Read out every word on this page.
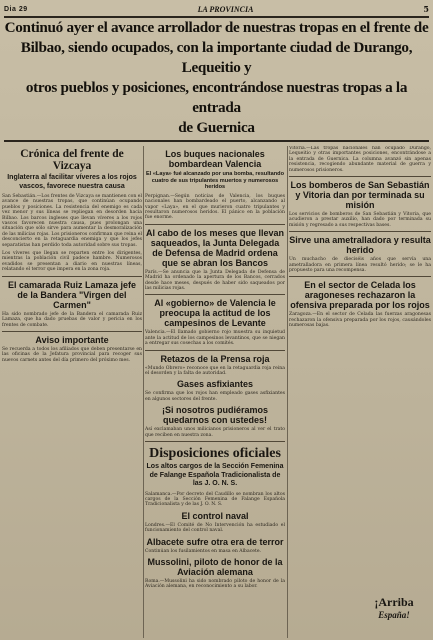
Dia 29	LA PROVINCIA	5
Continuó ayer el avance arrollador de nuestras tropas en el frente de
Bilbao, siendo ocupados, con la importante ciudad de Durango, Lequeitio y
otros pueblos y posiciones, encontrándose nuestras tropas a la entrada
de Guernica
Crónica del frente de Vizcaya
Inglaterra al facilitar víveres a los rojos vascos, favorece nuestra causa

San Sebastián.—Los frentes de Vizcaya se mantienen con el avance de nuestras tropas, que continúan ocupando pueblos y posiciones. La resistencia del enemigo es cada vez menor y sus líneas se repliegan en desorden hacia Bilbao. Los barcos ingleses que llevan víveres a los rojos vascos favorecen nuestra causa, pues prolongan una situación que sólo sirve para aumentar la desmoralización de las milicias rojas. Los prisioneros confirman que reina el desconcierto en la retaguardia enemiga y que los jefes separatistas han perdido toda autoridad sobre sus tropas.

Los víveres que llegan se reparten entre los dirigentes, mientras la población civil padece hambre. Numerosos evadidos se presentan a diario en nuestras líneas, relatando el terror que impera en la zona roja.

El camarada Ruiz Lamaza jefe de la Bandera "Virgen del Carmen"

Ha sido nombrado jefe de la Bandera el camarada Ruiz Lamaza, que ha dado pruebas de valor y pericia en los frentes de combate.

Aviso importante

Se recuerda a todos los afiliados que deben presentarse en las oficinas de la Jefatura provincial para recoger sus nuevos carnets antes del día primero del próximo mes.

Los buques nacionales bombardean Valencia
El «Laya» fué alcanzado por una bomba, resultando cuatro de sus tripulantes muertos y numerosos heridos

Perpignan.—Según noticias de Valencia, los buques nacionales han bombardeado el puerto, alcanzando al vapor «Laya», en el que murieron cuatro tripulantes y resultaron numerosos heridos. El pánico en la población fue enorme.

Al cabo de los meses que llevan saqueados, la Junta Delegada de Defensa de Madrid ordena que se abran los Bancos

París.—Se anuncia que la Junta Delegada de Defensa de Madrid ha ordenado la apertura de los Bancos, cerrados desde hace meses, después de haber sido saqueados por las milicias rojas.

Al «gobierno» de Valencia le preocupa la actitud de los campesinos de Levante

Valencia.—El llamado gobierno rojo muestra su inquietud ante la actitud de los campesinos levantinos, que se niegan a entregar sus cosechas a los comités.

Retazos de la Prensa roja

«Mundo Obrero» reconoce que en la retaguardia roja reina el desorden y la falta de autoridad.

Gases asfixiantes

Se confirma que los rojos han empleado gases asfixiantes en algunos sectores del frente.

¡Si nosotros pudiéramos quedarnos con ustedes!

Así exclamaban unos milicianos prisioneros al ver el trato que reciben en nuestra zona.

Disposiciones oficiales
Los altos cargos de la Sección Femenina de Falange Española Tradicionalista de las J. O. N. S.

Salamanca.—Por decreto del Caudillo se nombran los altos cargos de la Sección Femenina de Falange Española Tradicionalista y de las J. O. N. S.

El control naval

Londres.—El Comité de No Intervención ha estudiado el funcionamiento del control naval.

Albacete sufre otra era de terror

Continúan los fusilamientos en masa en Albacete.

Mussolini, piloto de honor de la Aviación alemana

Roma.—Mussolini ha sido nombrado piloto de honor de la Aviación alemana, en reconocimiento a su labor.

Vitoria.—Las tropas nacionales han ocupado Durango, Lequeitio y otras importantes posiciones, encontrándose a la entrada de Guernica. La columna avanzó sin apenas resistencia, recogiendo abundante material de guerra y numerosos prisioneros.

Los bomberos de San Sebastián y Vitoria dan por terminada su misión

Los servicios de bomberos de San Sebastián y Vitoria, que acudieron a prestar auxilio, han dado por terminada su misión y regresado a sus respectivas bases.

Sirve una ametralladora y resulta herido

Un muchacho de dieciséis años que servía una ametralladora en primera línea resultó herido; se le ha propuesto para una recompensa.

En el sector de Celada los aragoneses rechazaron la ofensiva preparada por los rojos

Zaragoza.—En el sector de Celada las fuerzas aragonesas rechazaron la ofensiva preparada por los rojos, causándoles numerosas bajas.

¡Arriba
España!
